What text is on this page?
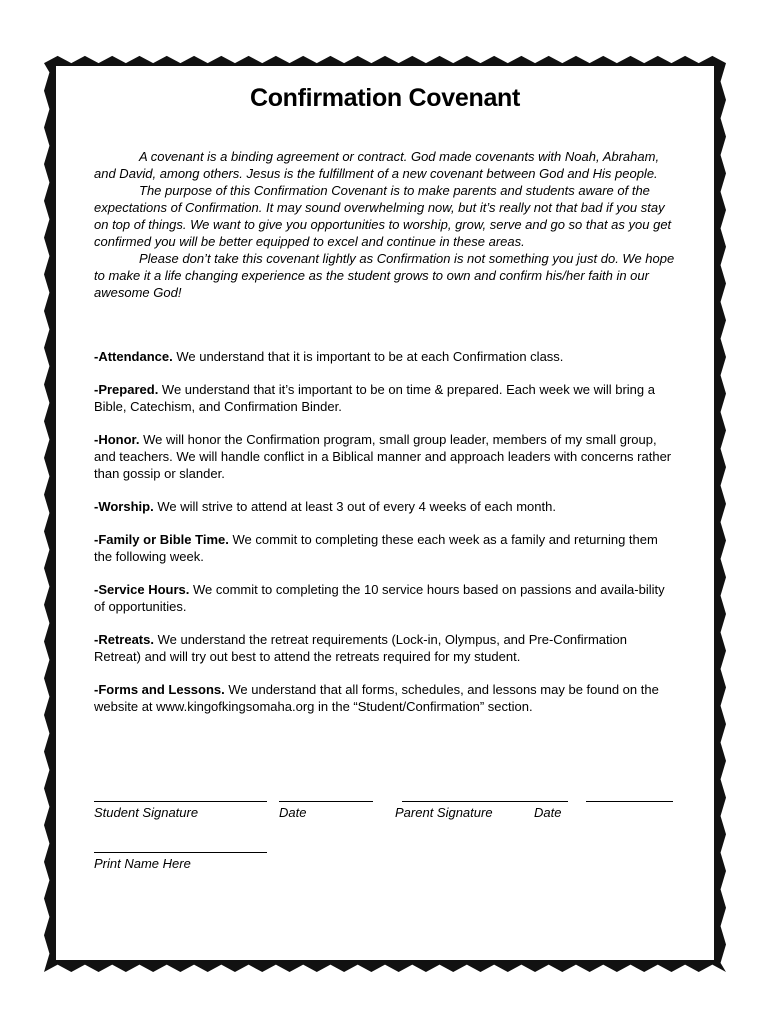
Confirmation Covenant

A covenant is a binding agreement or contract. God made covenants with Noah, Abraham, and David, among others. Jesus is the fulfillment of a new covenant between God and His people.

The purpose of this Confirmation Covenant is to make parents and students aware of the expectations of Confirmation. It may sound overwhelming now, but it’s really not that bad if you stay on top of things. We want to give you opportunities to worship, grow, serve and go so that as you get confirmed you will be better equipped to excel and continue in these areas.

Please don’t take this covenant lightly as Confirmation is not something you just do. We hope to make it a life changing experience as the student grows to own and confirm his/her faith in our awesome God!

-Attendance. We understand that it is important to be at each Confirmation class.
-Prepared. We understand that it’s important to be on time & prepared. Each week we will bring a Bible, Catechism, and Confirmation Binder.
-Honor. We will honor the Confirmation program, small group leader, members of my small group, and teachers. We will handle conflict in a Biblical manner and approach leaders with concerns rather than gossip or slander.
-Worship. We will strive to attend at least 3 out of every 4 weeks of each month.
-Family or Bible Time. We commit to completing these each week as a family and returning them the following week.
-Service Hours. We commit to completing the 10 service hours based on passions and availa-bility of opportunities.
-Retreats. We understand the retreat requirements (Lock-in, Olympus, and Pre-Confirmation Retreat) and will try out best to attend the retreats required for my student.
-Forms and Lessons. We understand that all forms, schedules, and lessons may be found on the website at www.kingofkingsomaha.org in the “Student/Confirmation” section.
Student Signature	Date	Parent Signature	Date
Print Name Here
